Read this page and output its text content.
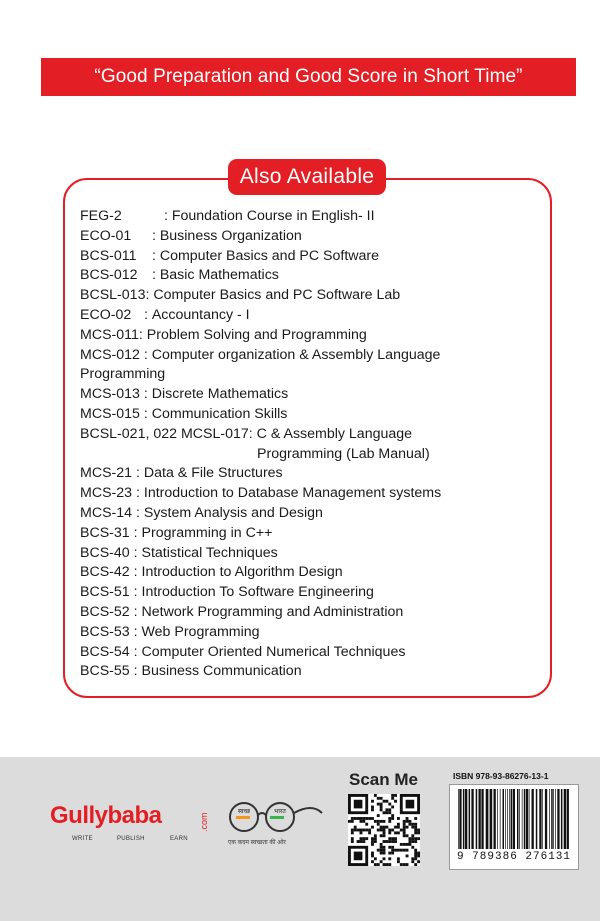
“Good Preparation and Good Score in Short Time”
Also Available
FEG-2	: Foundation Course in English- II
ECO-01 : Business Organization
BCS-011 : Computer Basics and PC Software
BCS-012 : Basic Mathematics
BCSL-013: Computer Basics and PC Software Lab
ECO-02 : Accountancy - I
MCS-011: Problem Solving and Programming
MCS-012 : Computer organization & Assembly Language
Programming
MCS-013 : Discrete Mathematics
MCS-015 : Communication Skills
BCSL-021, 022 MCSL-017: C & Assembly Language
Programming (Lab Manual)
MCS-21 : Data & File Structures
MCS-23 : Introduction to Database Management systems
MCS-14 : System Analysis and Design
BCS-31 : Programming in C++
BCS-40 : Statistical Techniques
BCS-42 : Introduction to Algorithm Design
BCS-51 : Introduction To Software Engineering
BCS-52 : Network Programming and Administration
BCS-53 : Web Programming
BCS-54 : Computer Oriented Numerical Techniques
BCS-55 : Business Communication
Gullybaba	.com
WRITE	PUBLISH	EARN
स्वच्छ	भारत
एक कदम स्वच्छता की ओर
Scan Me	ISBN 978-93-86276-13-1
9 789386 276131
